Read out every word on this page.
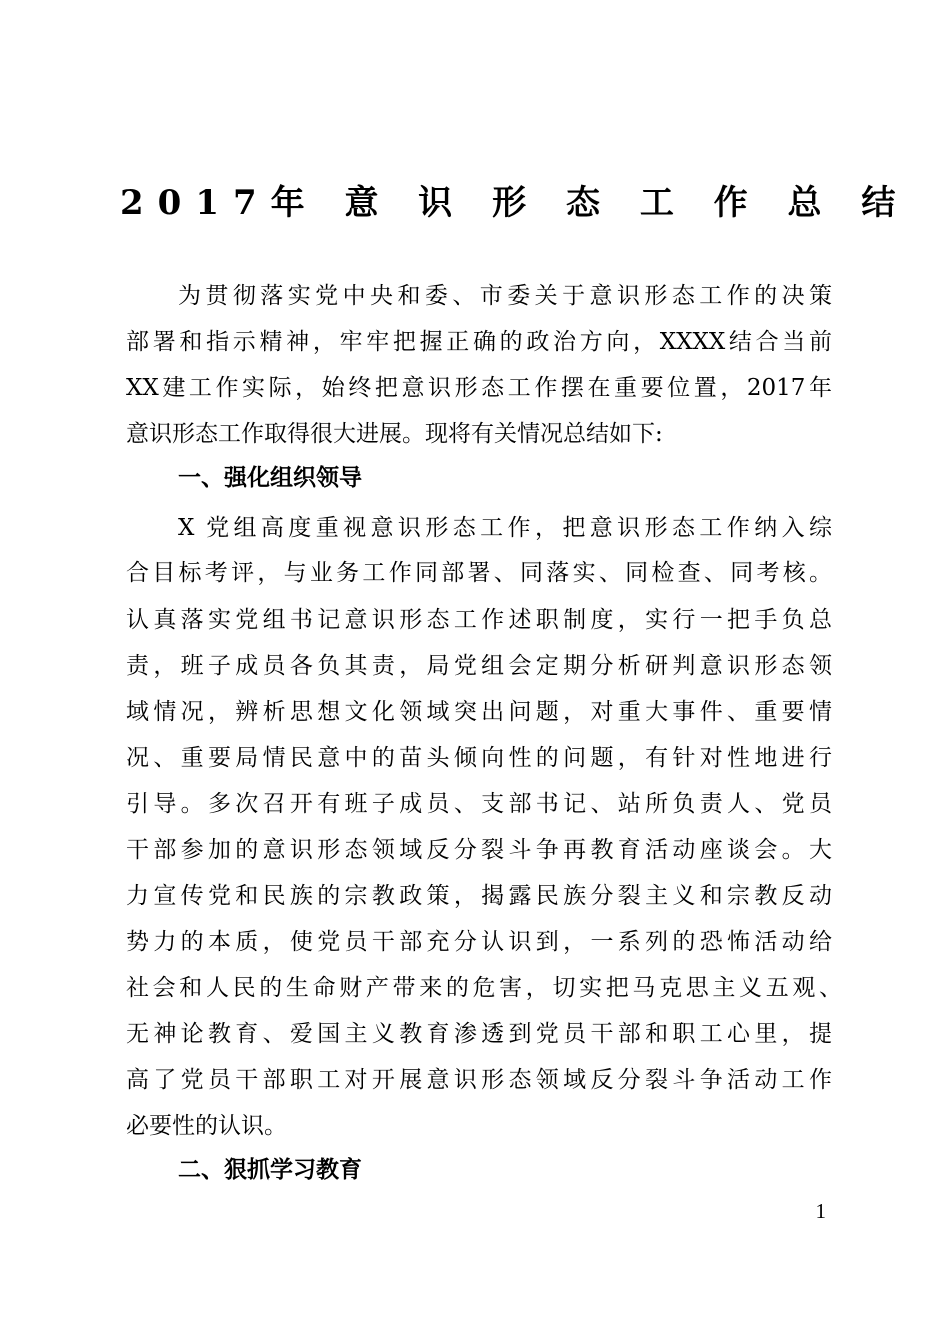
2017年 意 识 形 态 工 作 总 结
为贯彻落实党中央和委、市委关于意识形态工作的决策
部署和指示精神，牢牢把握正确的政治方向，XXXX结合当前
XX建工作实际，始终把意识形态工作摆在重要位置，2017年
意识形态工作取得很大进展。现将有关情况总结如下:
一、强化组织领导
X 党组高度重视意识形态工作，把意识形态工作纳入综
合目标考评，与业务工作同部署、同落实、同检查、同考核。
认真落实党组书记意识形态工作述职制度，实行一把手负总
责，班子成员各负其责，局党组会定期分析研判意识形态领
域情况，辨析思想文化领域突出问题，对重大事件、重要情
况、重要局情民意中的苗头倾向性的问题，有针对性地进行
引导。多次召开有班子成员、支部书记、站所负责人、党员
干部参加的意识形态领域反分裂斗争再教育活动座谈会。大
力宣传党和民族的宗教政策，揭露民族分裂主义和宗教反动
势力的本质，使党员干部充分认识到，一系列的恐怖活动给
社会和人民的生命财产带来的危害，切实把马克思主义五观、
无神论教育、爱国主义教育渗透到党员干部和职工心里，提
高了党员干部职工对开展意识形态领域反分裂斗争活动工作
必要性的认识。
二、狠抓学习教育
1
